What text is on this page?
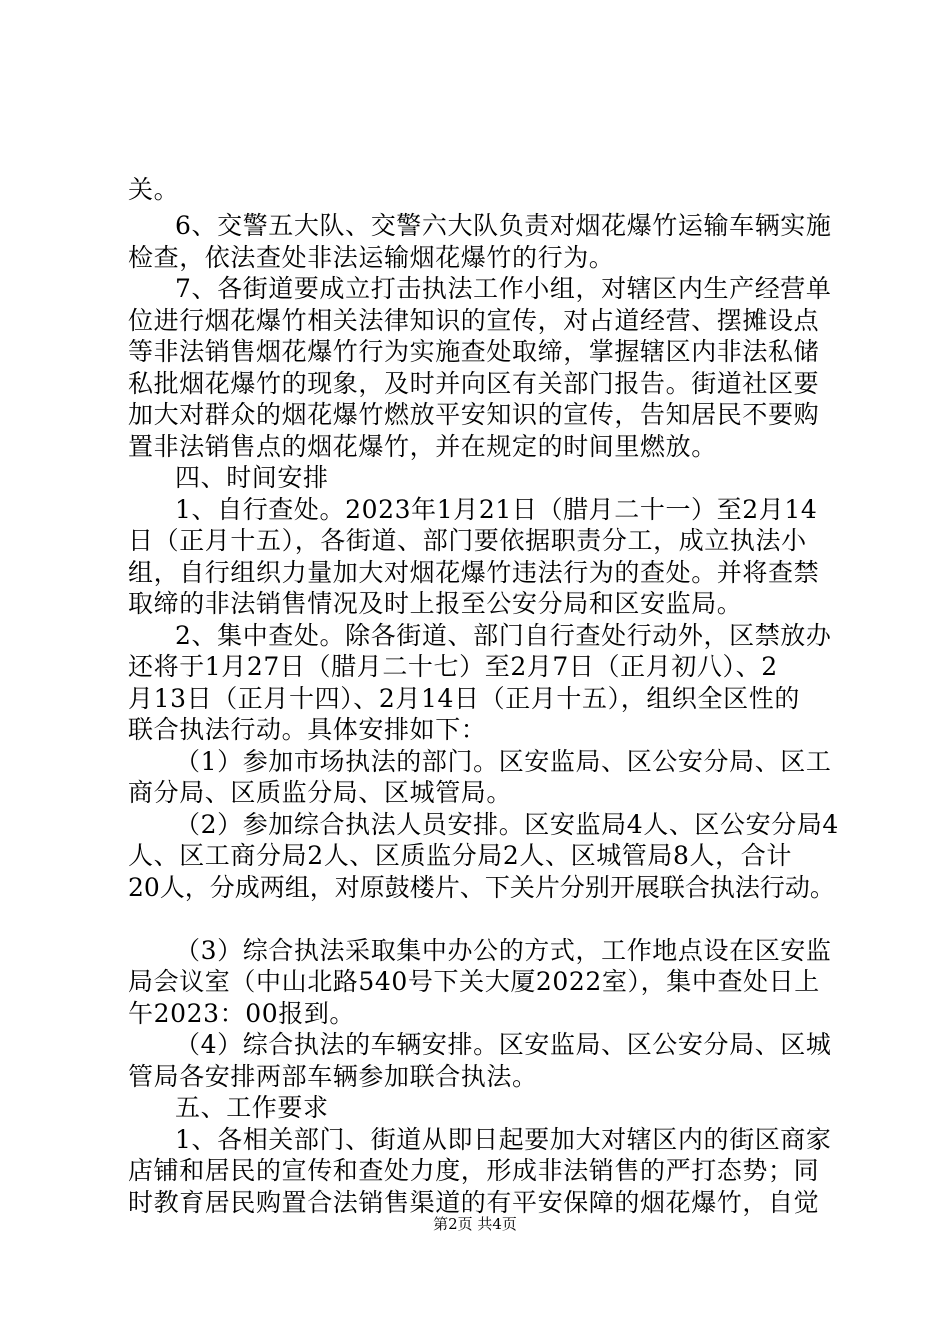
关。
6、交警五大队、交警六大队负责对烟花爆竹运输车辆实施
检查，依法查处非法运输烟花爆竹的行为。
7、各街道要成立打击执法工作小组，对辖区内生产经营单
位进行烟花爆竹相关法律知识的宣传，对占道经营、摆摊设点
等非法销售烟花爆竹行为实施查处取缔，掌握辖区内非法私储
私批烟花爆竹的现象，及时并向区有关部门报告。街道社区要
加大对群众的烟花爆竹燃放平安知识的宣传，告知居民不要购
置非法销售点的烟花爆竹，并在规定的时间里燃放。
四、时间安排
1、自行查处。2023年1月21日（腊月二十一）至2月14
日（正月十五），各街道、部门要依据职责分工，成立执法小
组，自行组织力量加大对烟花爆竹违法行为的查处。并将查禁
取缔的非法销售情况及时上报至公安分局和区安监局。
2、集中查处。除各街道、部门自行查处行动外，区禁放办
还将于1月27日（腊月二十七）至2月7日（正月初八）、2
月13日（正月十四）、2月14日（正月十五），组织全区性的
联合执法行动。具体安排如下：
（1）参加市场执法的部门。区安监局、区公安分局、区工
商分局、区质监分局、区城管局。
（2）参加综合执法人员安排。区安监局4人、区公安分局4
人、区工商分局2人、区质监分局2人、区城管局8人，合计
20人，分成两组，对原鼓楼片、下关片分别开展联合执法行动。
（3）综合执法采取集中办公的方式，工作地点设在区安监
局会议室（中山北路540号下关大厦2022室），集中查处日上
午2023：00报到。
（4）综合执法的车辆安排。区安监局、区公安分局、区城
管局各安排两部车辆参加联合执法。
五、工作要求
1、各相关部门、街道从即日起要加大对辖区内的街区商家
店铺和居民的宣传和查处力度，形成非法销售的严打态势；同
时教育居民购置合法销售渠道的有平安保障的烟花爆竹，自觉
第2页 共4页
